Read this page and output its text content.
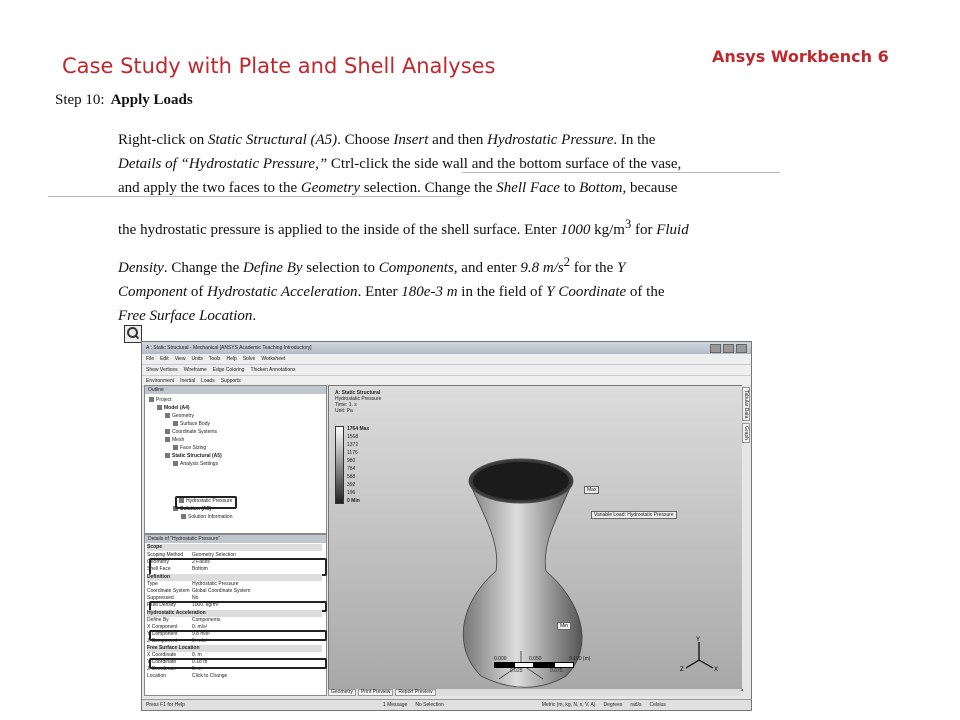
Case Study with Plate and Shell Analyses	Ansys Workbench 6
Step 10: Apply Loads
Right-click on Static Structural (A5). Choose Insert and then Hydrostatic Pressure. In the
Details of “Hydrostatic Pressure,” Ctrl-click the side wall and the bottom surface of the vase,
and apply the two faces to the Geometry selection. Change the Shell Face to Bottom, because
the hydrostatic pressure is applied to the inside of the shell surface. Enter 1000 $kg/m^3$ for Fluid
Density. Change the Define By selection to Components, and enter 9.8 $m/s^2$ for the Y
Component of Hydrostatic Acceleration. Enter 180e-3 m in the field of Y Coordinate of the
Free Surface Location.
A : Static Structural - Mechanical [ANSYS Academic Teaching Introductory]
File Edit View Units Tools Help Solve Worksheet
Show Vertices Wireframe Edge Coloring Thicken Annotations
Environment Inertial Loads Supports
Outline
Project
Model (A4)
Geometry
Surface Body
Coordinate Systems
Mesh
Face Sizing
Static Structural (A5)
Analysis Settings
Hydrostatic Pressure
Solution (A6)
Solution Information
Details of "Hydrostatic Pressure"
Scope
Scoping Method	Geometry Selection
Geometry	2 Faces
Shell Face	Bottom
Definition
Type	Hydrostatic Pressure
Coordinate System Global Coordinate System
Suppressed	No
Fluid Density	1000. kg/m³
Hydrostatic Acceleration
Define By	Components
X Component	0. m/s²
Y Component	9.8 m/s²
Z Component	0. m/s²
Free Surface Location
X Coordinate	0. m
Y Coordinate	0.18 m
Z Coordinate	0. m
Location	Click to Change
A: Static Structural
Hydrostatic Pressure
Time: 1. s
Unit: Pa
1764 Max
1568
1372
1176
980
784
588
392
196
0 Min
Max
Variable Load: Hydrostatic Pressure
Min
0.000	0.050	0.100 (m)
0.025	0.075
Y
X
Z
Tabular Data
Graph
Geometry	Print Preview	Report Preview
Press F1 for Help	1 Message	No Selection	Metric (m, kg, N, s, V, A)	Degrees	rad/s	Celsius
